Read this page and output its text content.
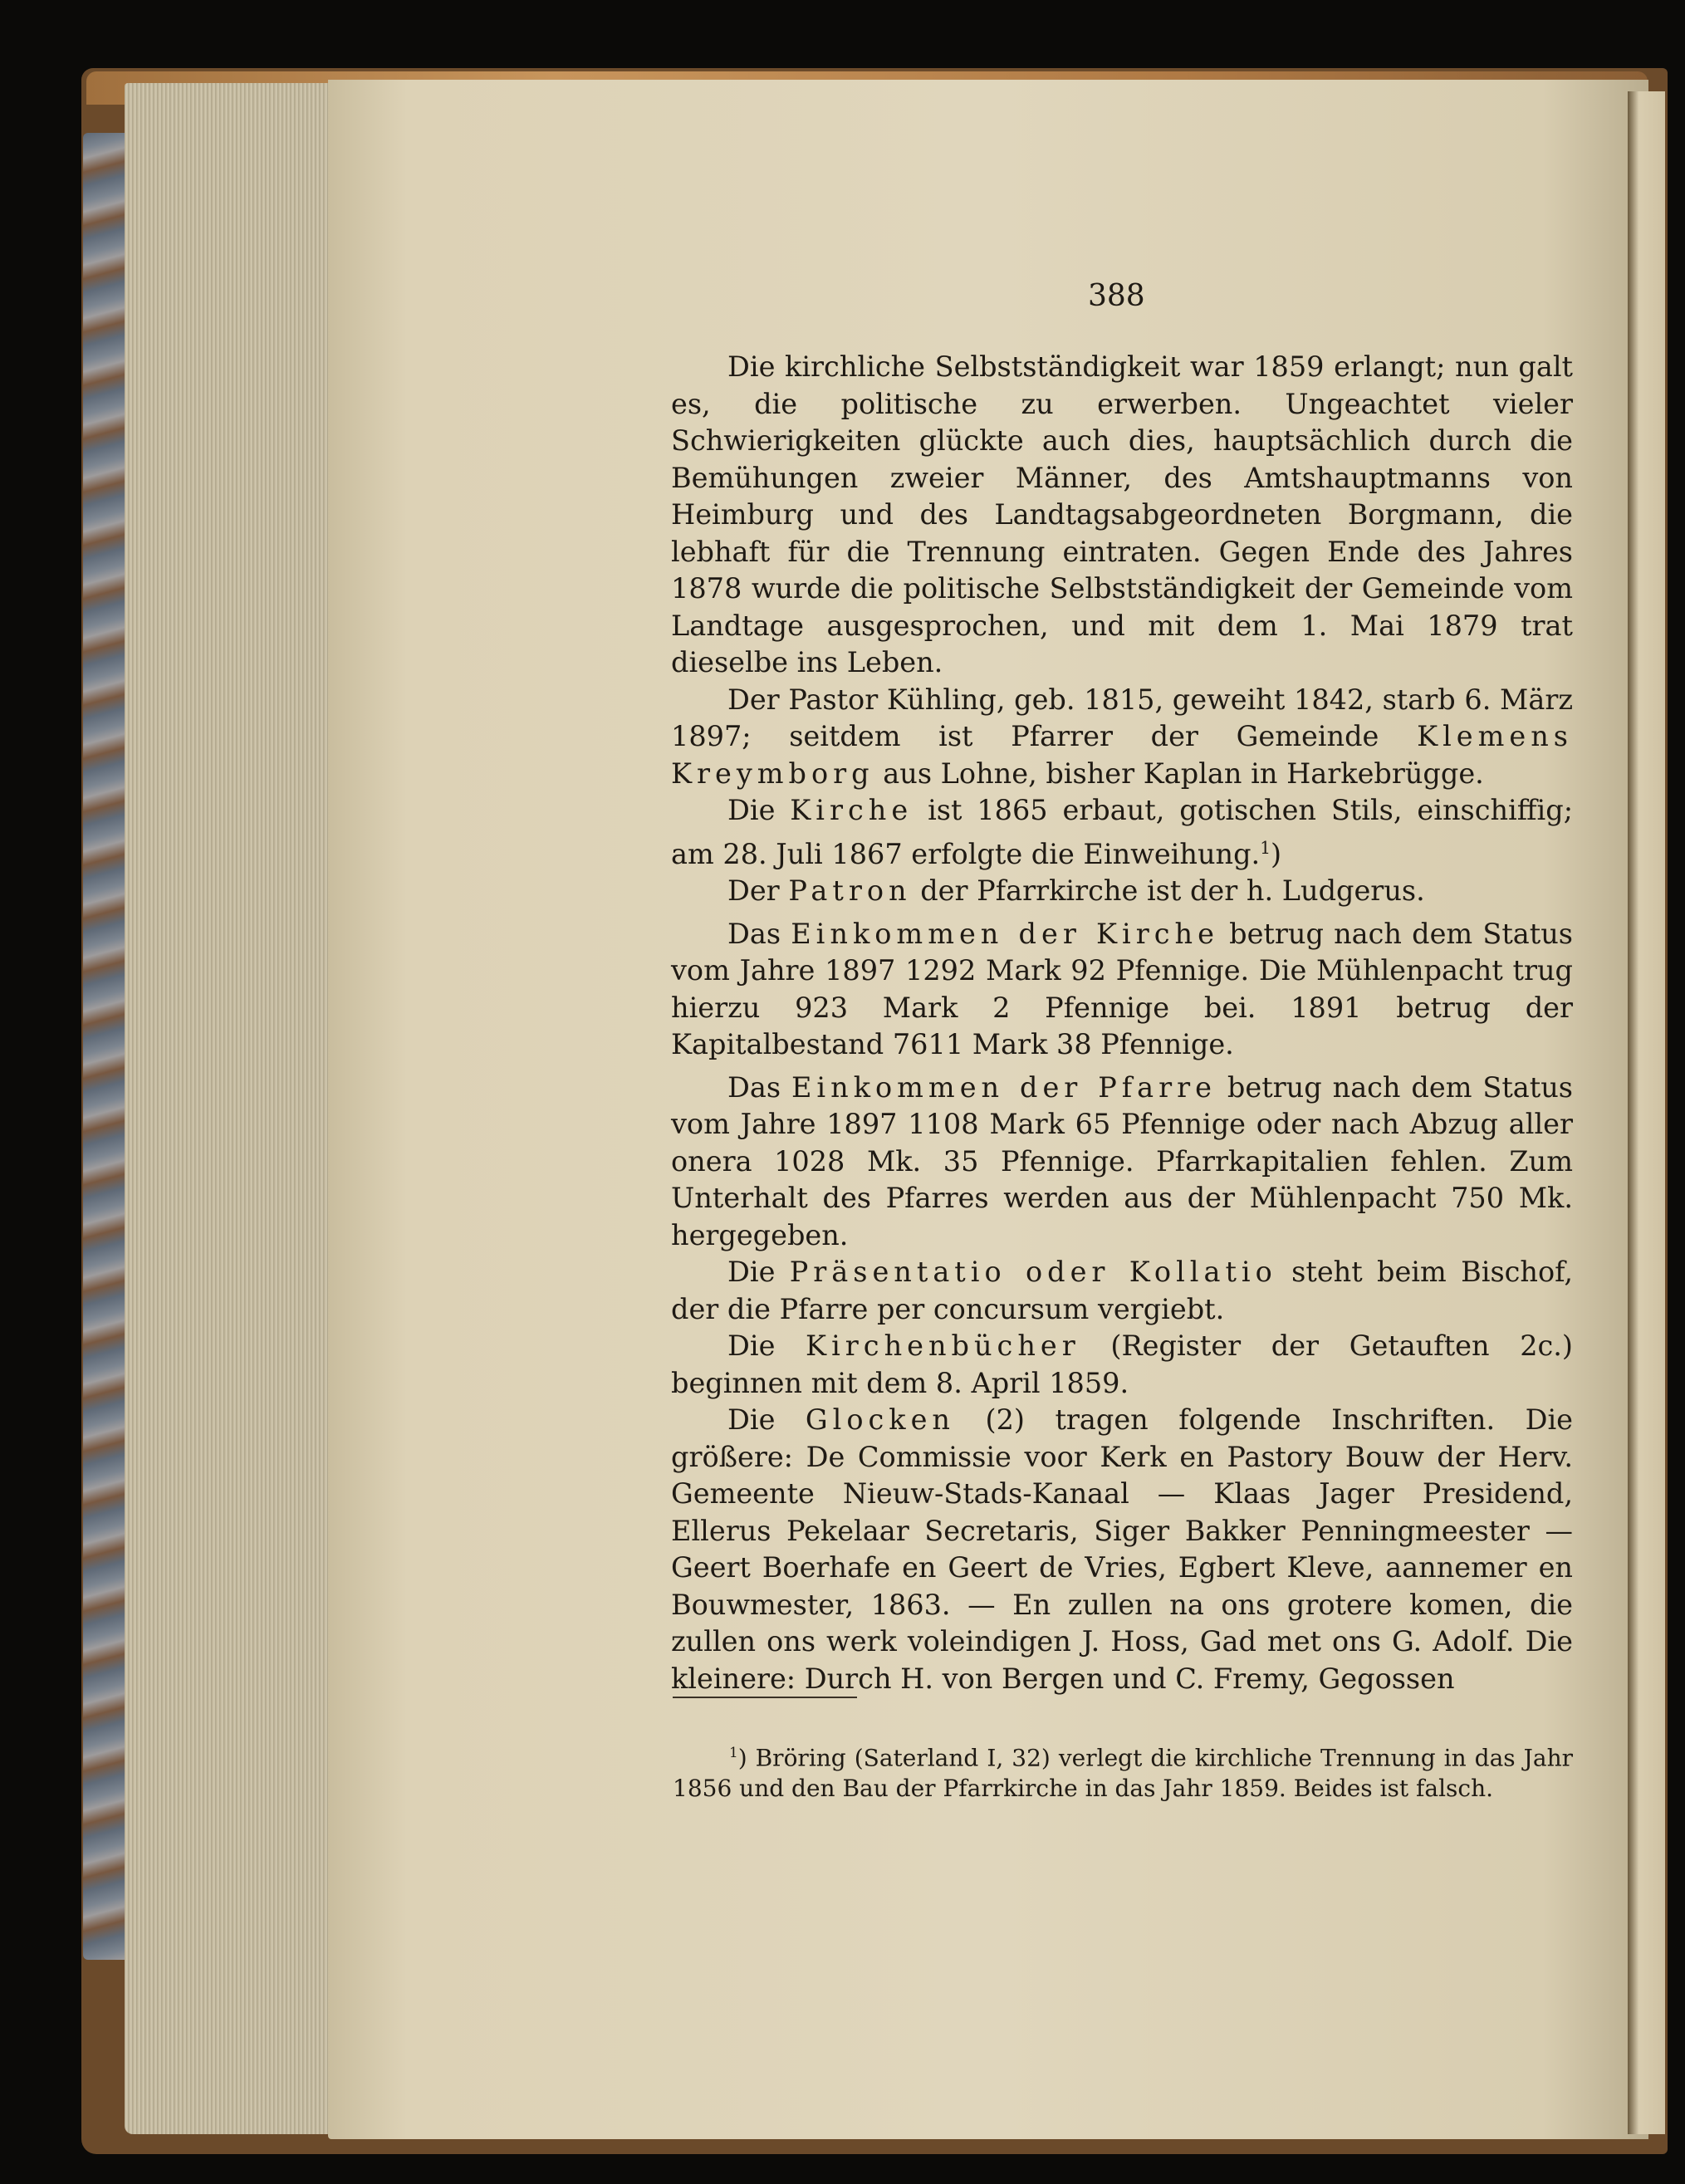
388

Die kirchliche Selbstständigkeit war 1859 erlangt; nun galt es, die politische zu erwerben. Ungeachtet vieler Schwierigkeiten glückte auch dies, hauptsächlich durch die Bemühungen zweier Männer, des Amtshauptmanns von Heimburg und des Landtagsabgeordneten Borgmann, die lebhaft für die Trennung eintraten. Gegen Ende des Jahres 1878 wurde die politische Selbstständigkeit der Gemeinde vom Landtage ausgesprochen, und mit dem 1. Mai 1879 trat dieselbe ins Leben.

Der Pastor Kühling, geb. 1815, geweiht 1842, starb 6. März 1897; seitdem ist Pfarrer der Gemeinde Klemens Kreymborg aus Lohne, bisher Kaplan in Harkebrügge.

Die Kirche ist 1865 erbaut, gotischen Stils, einschiffig; am 28. Juli 1867 erfolgte die Einweihung.$^1$)

Der Patron der Pfarrkirche ist der h. Ludgerus.

Das Einkommen der Kirche betrug nach dem Status vom Jahre 1897 1292 Mark 92 Pfennige. Die Mühlenpacht trug hierzu 923 Mark 2 Pfennige bei. 1891 betrug der Kapitalbestand 7611 Mark 38 Pfennige.

Das Einkommen der Pfarre betrug nach dem Status vom Jahre 1897 1108 Mark 65 Pfennige oder nach Abzug aller onera 1028 Mk. 35 Pfennige. Pfarrkapitalien fehlen. Zum Unterhalt des Pfarres werden aus der Mühlenpacht 750 Mk. hergegeben.

Die Präsentatio oder Kollatio steht beim Bischof, der die Pfarre per concursum vergiebt.

Die Kirchenbücher (Register der Getauften 2c.) beginnen mit dem 8. April 1859.

Die Glocken (2) tragen folgende Inschriften. Die größere: De Commissie voor Kerk en Pastory Bouw der Herv. Gemeente Nieuw-Stads-Kanaal — Klaas Jager Presidend, Ellerus Pekelaar Secretaris, Siger Bakker Penningmeester — Geert Boerhafe en Geert de Vries, Egbert Kleve, aannemer en Bouwmester, 1863. — En zullen na ons grotere komen, die zullen ons werk voleindigen J. Hoss, Gad met ons G. Adolf. Die kleinere: Durch H. von Bergen und C. Fremy, Gegossen

$^1$) Bröring (Saterland I, 32) verlegt die kirchliche Trennung in das Jahr 1856 und den Bau der Pfarrkirche in das Jahr 1859. Beides ist falsch.
